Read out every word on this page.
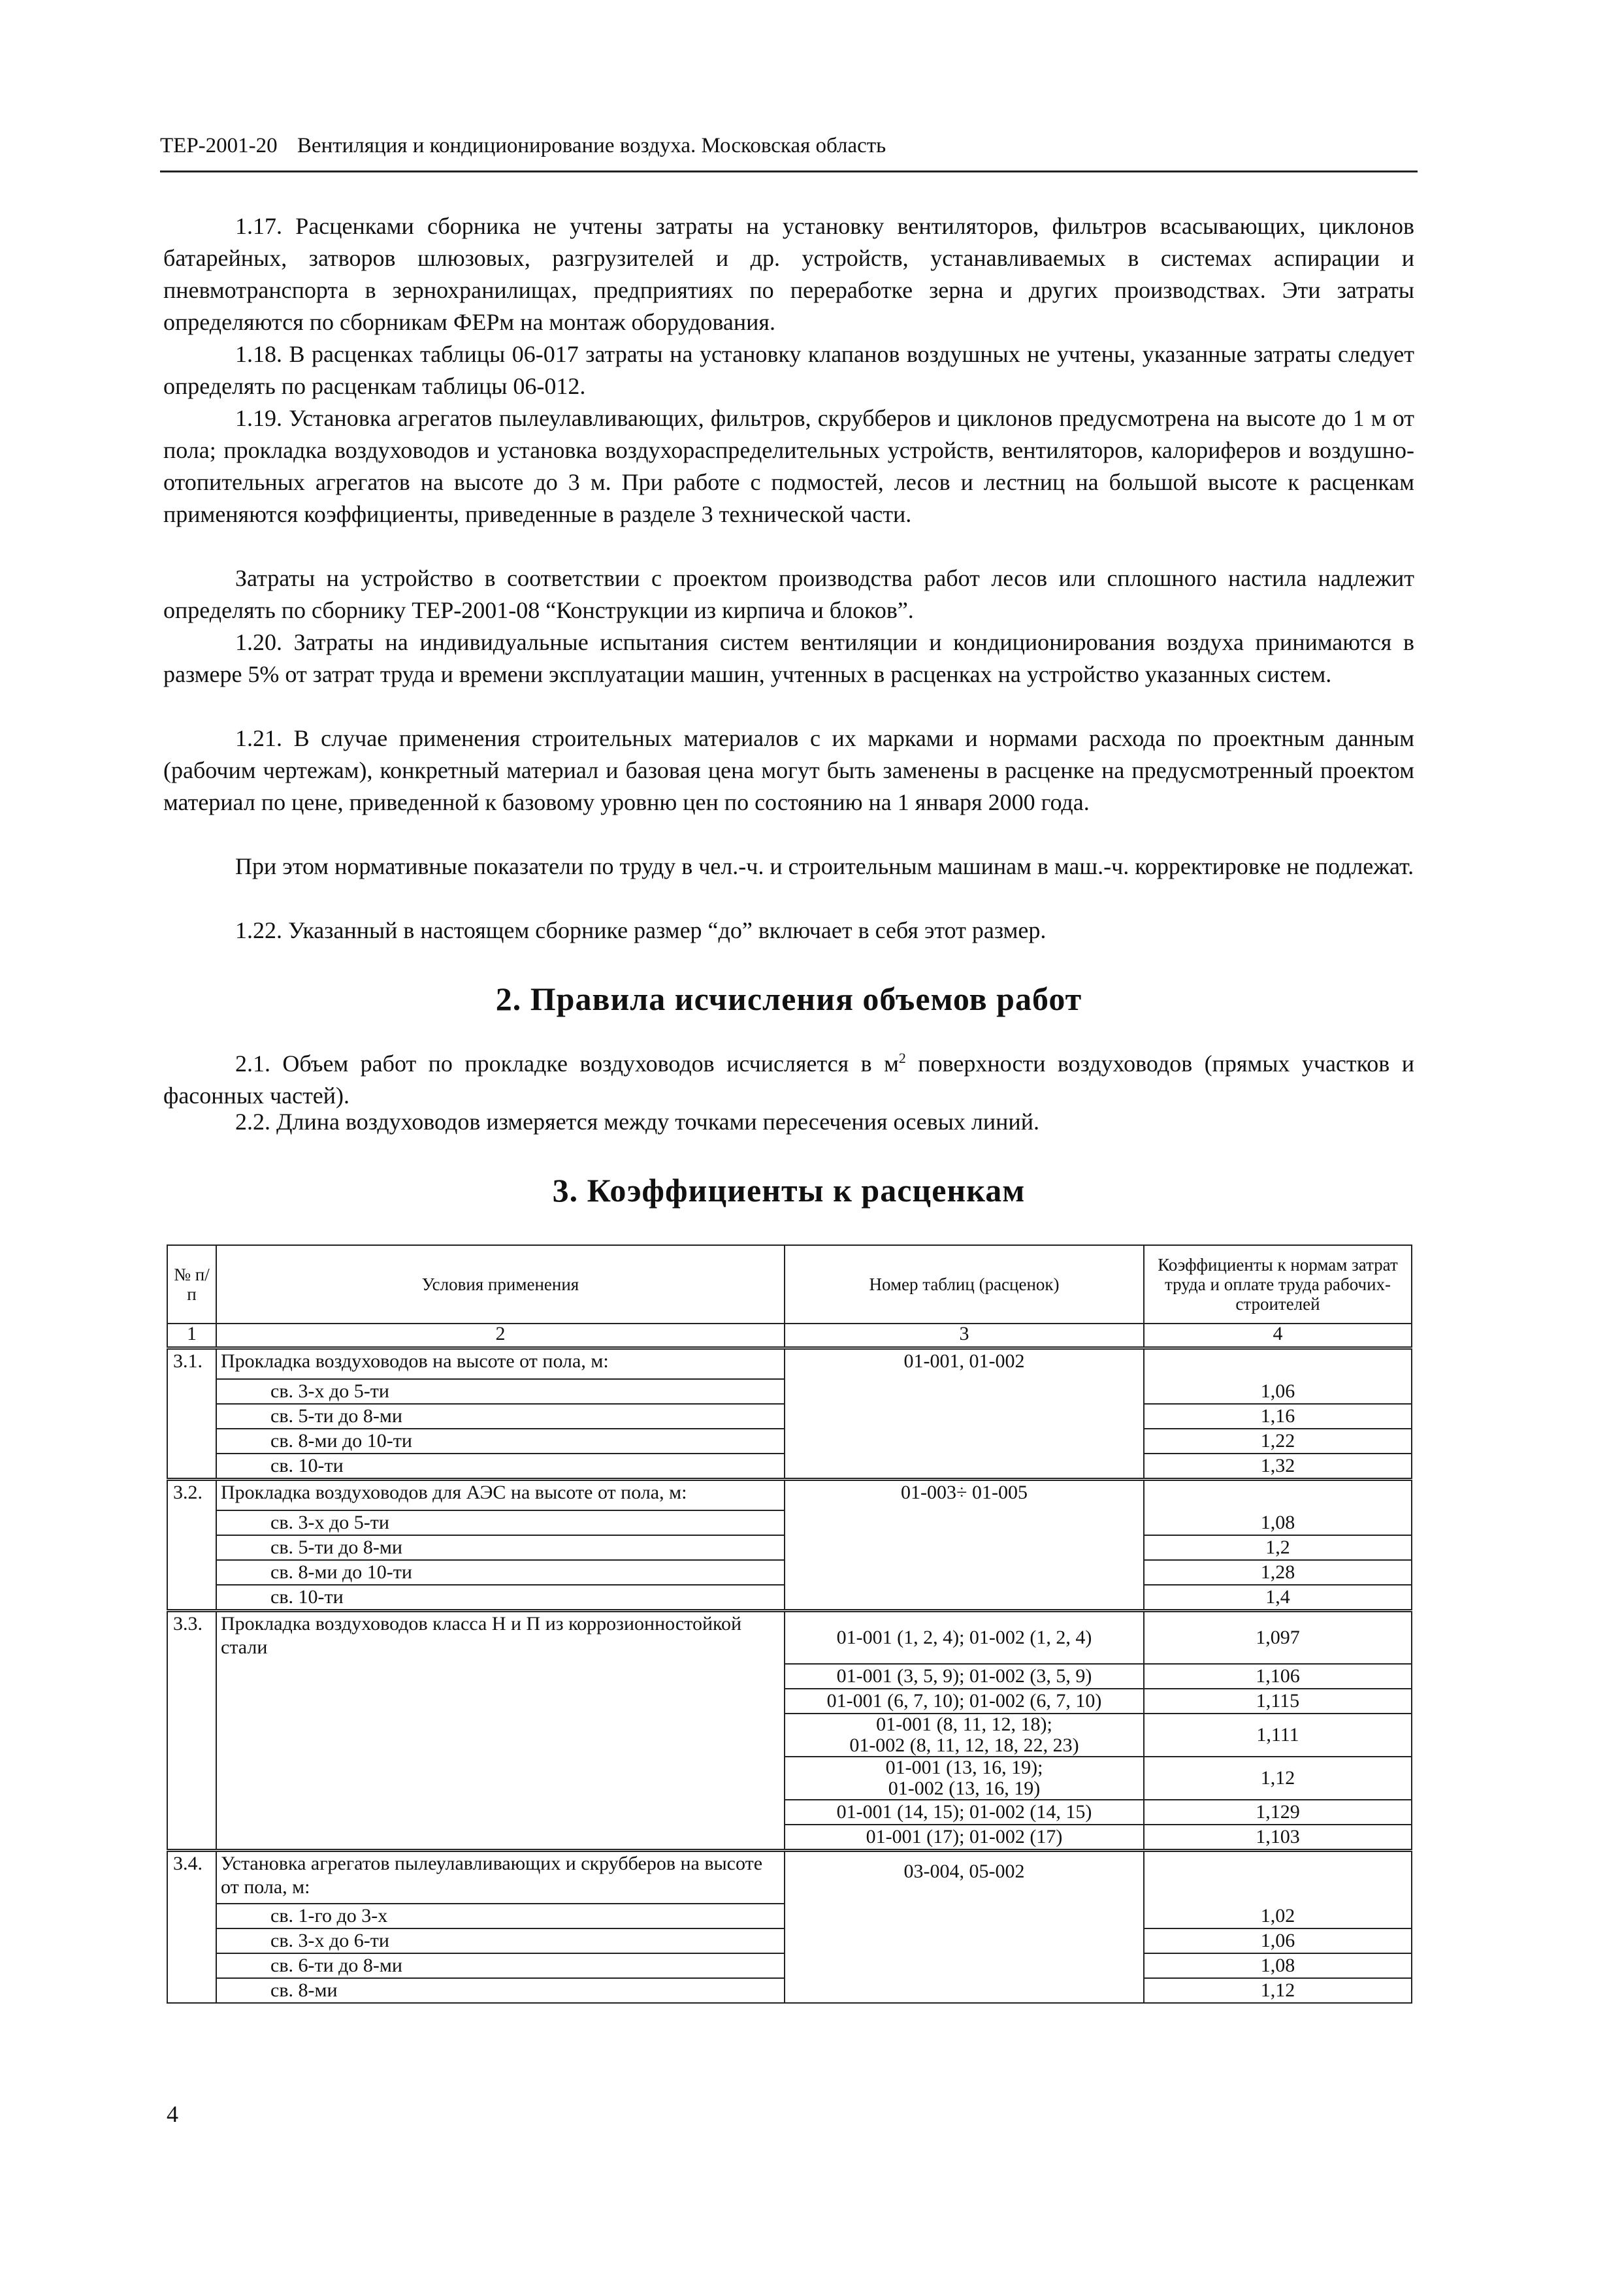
ТЕР-2001-20 Вентиляция и кондиционирование воздуха. Московская область

1.17. Расценками сборника не учтены затраты на установку вентиляторов, фильтров всасывающих, циклонов батарейных, затворов шлюзовых, разгрузителей и др. устройств, устанавливаемых в системах аспирации и пневмотранспорта в зернохранилищах, предприятиях по переработке зерна и других производствах. Эти затраты определяются по сборникам ФЕРм на монтаж оборудования.

1.18. В расценках таблицы 06-017 затраты на установку клапанов воздушных не учтены, указанные затраты следует определять по расценкам таблицы 06-012.

1.19. Установка агрегатов пылеулавливающих, фильтров, скрубберов и циклонов предусмотрена на высоте до 1 м от пола; прокладка воздуховодов и установка воздухораспределительных устройств, вентиляторов, калориферов и воздушно-отопительных агрегатов на высоте до 3 м. При работе с подмостей, лесов и лестниц на большой высоте к расценкам применяются коэффициенты, приведенные в разделе 3 технической части.

Затраты на устройство в соответствии с проектом производства работ лесов или сплошного настила надлежит определять по сборнику ТЕР-2001-08 “Конструкции из кирпича и блоков”.

1.20. Затраты на индивидуальные испытания систем вентиляции и кондиционирования воздуха принимаются в размере 5% от затрат труда и времени эксплуатации машин, учтенных в расценках на устройство указанных систем.

1.21. В случае применения строительных материалов с их марками и нормами расхода по проектным данным (рабочим чертежам), конкретный материал и базовая цена могут быть заменены в расценке на предусмотренный проектом материал по цене, приведенной к базовому уровню цен по состоянию на 1 января 2000 года.

При этом нормативные показатели по труду в чел.-ч. и строительным машинам в маш.-ч. корректировке не подлежат.

1.22. Указанный в настоящем сборнике размер “до” включает в себя этот размер.

2. Правила исчисления объемов работ

2.1. Объем работ по прокладке воздуховодов исчисляется в $м^2$ поверхности воздуховодов (прямых участков и фасонных частей).

2.2. Длина воздуховодов измеряется между точками пересечения осевых линий.

3. Коэффициенты к расценкам
№ п/п	Условия применения	Номер таблиц (расценок)	Коэффициенты к нормам затрат труда и оплате труда рабочих-строителей
1	2	3	4
3.1.	Прокладка воздуховодов на высоте от пола, м:	01-001, 01-002	
	св. 3-х до 5-ти		1,06
	св. 5-ти до 8-ми		1,16
	св. 8-ми до 10-ти		1,22
	св. 10-ти		1,32
3.2.	Прокладка воздуховодов для АЭС на высоте от пола, м:	01-003÷ 01-005	
	св. 3-х до 5-ти		1,08
	св. 5-ти до 8-ми		1,2
	св. 8-ми до 10-ти		1,28
	св. 10-ти		1,4
3.3.	Прокладка воздуховодов класса Н и П из коррозионностойкой стали	01-001 (1, 2, 4); 01-002 (1, 2, 4)	1,097
		01-001 (3, 5, 9); 01-002 (3, 5, 9)	1,106
		01-001 (6, 7, 10); 01-002 (6, 7, 10)	1,115

		01-001 (8, 11, 12, 18);
01-002 (8, 11, 12, 18, 22, 23)	1,111

		01-001 (13, 16, 19);
01-002 (13, 16, 19)	1,12
		01-001 (14, 15); 01-002 (14, 15)	1,129
		01-001 (17); 01-002 (17)	1,103
3.4.	Установка агрегатов пылеулавливающих и скрубберов на высоте от пола, м:	03-004, 05-002	
	св. 1-го до 3-х		1,02
	св. 3-х до 6-ти		1,06
	св. 6-ти до 8-ми		1,08
	св. 8-ми		1,12
4
